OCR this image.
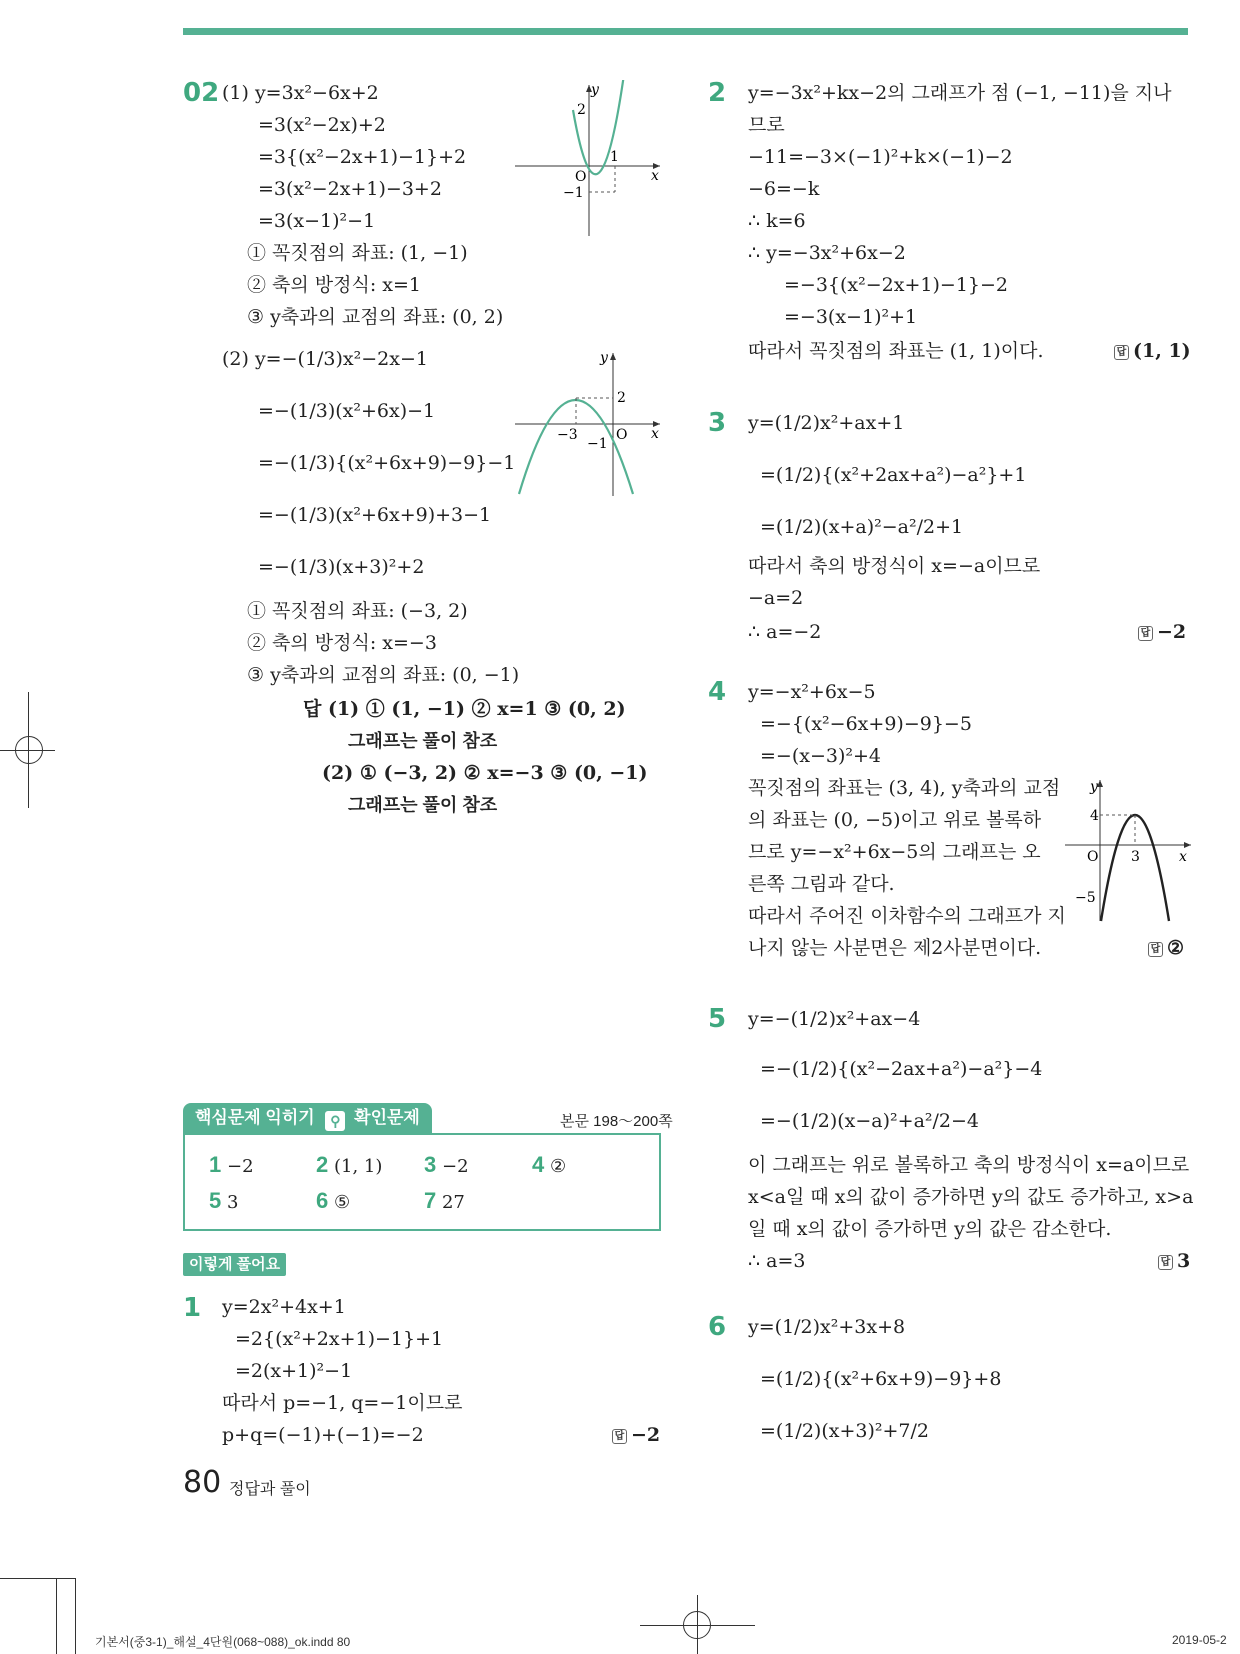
02 (1) y=3x²−6x+2
=3(x²−2x)+2
=3{(x²−2x+1)−1}+2
=3(x²−2x+1)−3+2
=3(x−1)²−1
① 꼭짓점의 좌표: (1, −1)
② 축의 방정식: x=1
③ y축과의 교점의 좌표: (0, 2)
y
2
1
O	x
−1
(2) y=−(1/3)x²−2x−1
=−(1/3)(x²+6x)−1
=−(1/3){(x²+6x+9)−9}−1
=−(1/3)(x²+6x+9)+3−1
=−(1/3)(x+3)²+2
① 꼭짓점의 좌표: (−3, 2)
② 축의 방정식: x=−3
③ y축과의 교점의 좌표: (0, −1)
y
2
−3	O x
−1
답 (1) ① (1, −1) ② x=1 ③ (0, 2)
그래프는 풀이 참조
(2) ① (−3, 2) ② x=−3 ③ (0, −1)
그래프는 풀이 참조
핵심문제 익히기 ⚲ 확인문제	본문 198～200쪽
1 −2	2 (1, 1) 3 −2	4 ②
5 3	6 ⑤	7 27
이렇게 풀어요
1 y=2x²+4x+1
=2{(x²+2x+1)−1}+1
=2(x+1)²−1
따라서 p=−1, q=−1이므로
p+q=(−1)+(−1)=−2	답 −2
80 정답과 풀이
기본서(중3-1)_해설_4단원(068~088)_ok.indd 80	2019-05-2
2 y=−3x²+kx−2의 그래프가 점 (−1, −11)을 지나
므로
−11=−3×(−1)²+k×(−1)−2
−6=−k
∴ k=6
∴ y=−3x²+6x−2
=−3{(x²−2x+1)−1}−2
=−3(x−1)²+1
따라서 꼭짓점의 좌표는 (1, 1)이다.	답 (1, 1)
3 y=(1/2)x²+ax+1
=(1/2){(x²+2ax+a²)−a²}+1
=(1/2)(x+a)²−a²/2+1
따라서 축의 방정식이 x=−a이므로
−a=2
∴ a=−2	답 −2
4 y=−x²+6x−5
=−{(x²−6x+9)−9}−5
=−(x−3)²+4
꼭짓점의 좌표는 (3, 4), y축과의 교점
의 좌표는 (0, −5)이고 위로 볼록하
므로 y=−x²+6x−5의 그래프는 오
른쪽 그림과 같다.
따라서 주어진 이차함수의 그래프가 지
나지 않는 사분면은 제2사분면이다.	답 ②
y
4
O 3	x
−5
5 y=−(1/2)x²+ax−4
=−(1/2){(x²−2ax+a²)−a²}−4
=−(1/2)(x−a)²+a²/2−4
이 그래프는 위로 볼록하고 축의 방정식이 x=a이므로
x<a일 때 x의 값이 증가하면 y의 값도 증가하고, x>a
일 때 x의 값이 증가하면 y의 값은 감소한다.
∴ a=3	답 3
6 y=(1/2)x²+3x+8
=(1/2){(x²+6x+9)−9}+8
=(1/2)(x+3)²+7/2
